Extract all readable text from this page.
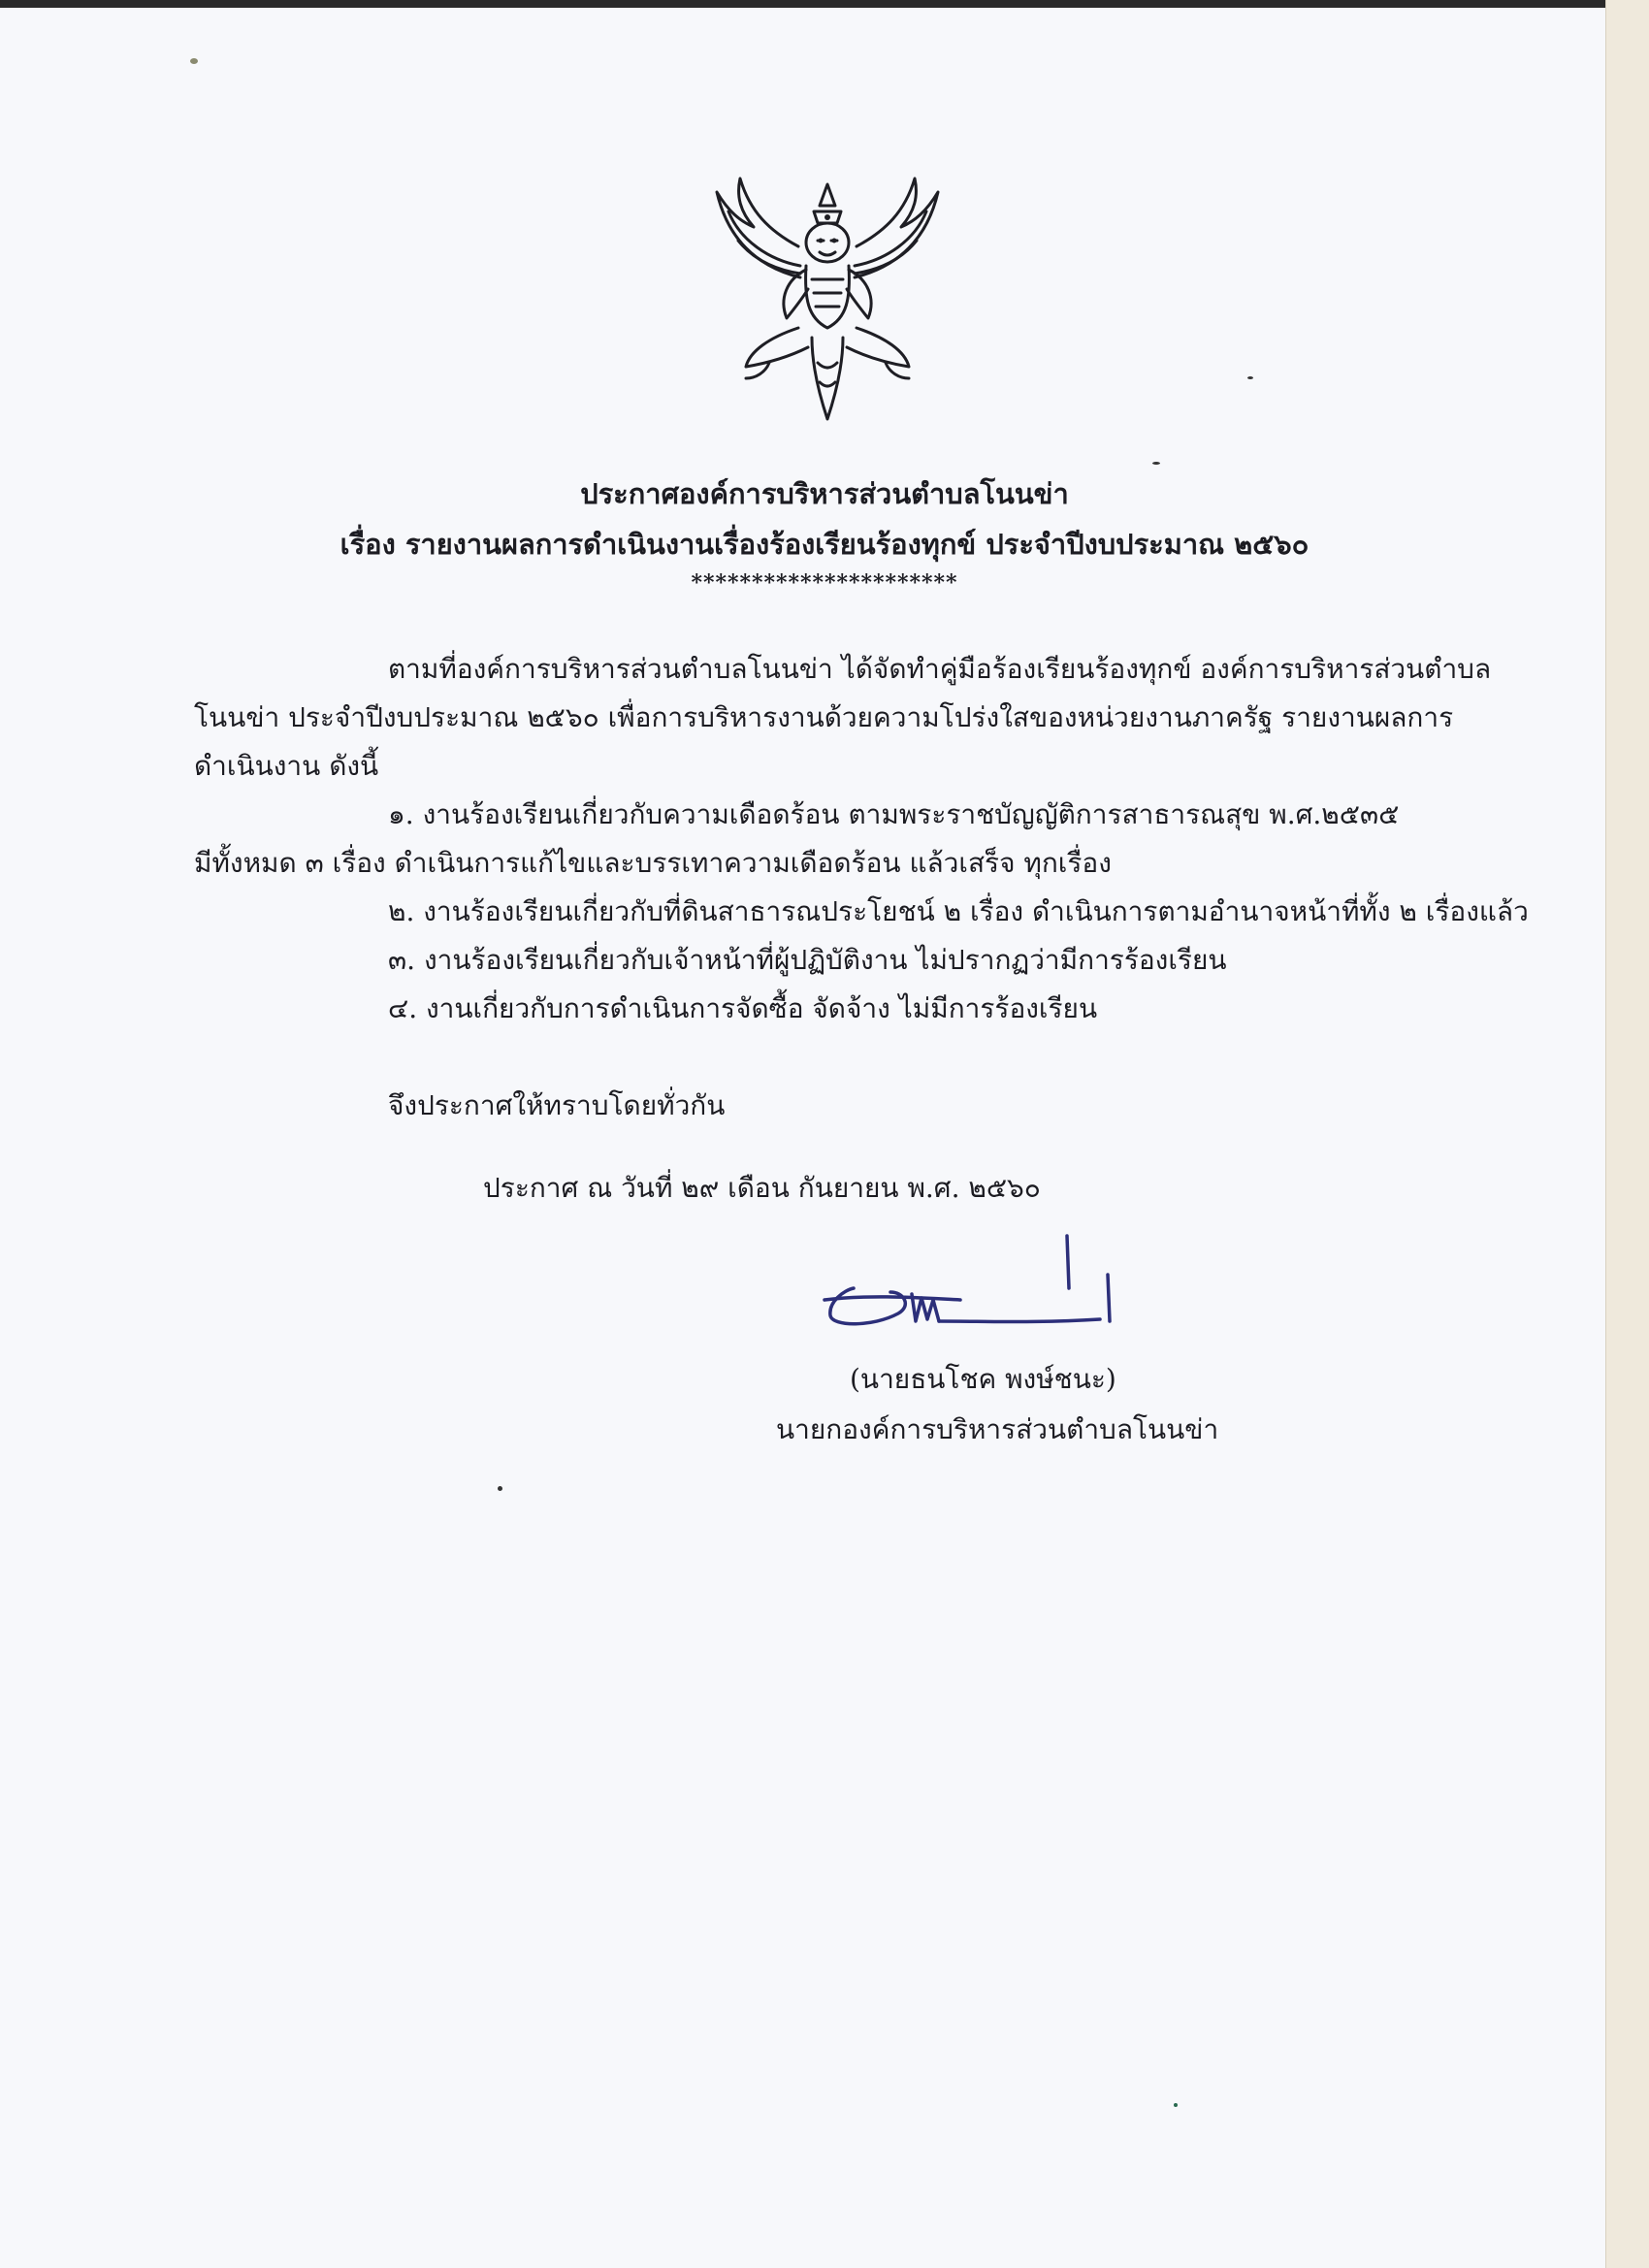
ประกาศองค์การบริหารส่วนตำบลโนนข่า
เรื่อง รายงานผลการดำเนินงานเรื่องร้องเรียนร้องทุกข์ ประจำปีงบประมาณ ๒๕๖๐
**********************
ตามที่องค์การบริหารส่วนตำบลโนนข่า ได้จัดทำคู่มือร้องเรียนร้องทุกข์ องค์การบริหารส่วนตำบล
โนนข่า ประจำปีงบประมาณ ๒๕๖๐ เพื่อการบริหารงานด้วยความโปร่งใสของหน่วยงานภาครัฐ รายงานผลการ
ดำเนินงาน ดังนี้
๑. งานร้องเรียนเกี่ยวกับความเดือดร้อน ตามพระราชบัญญัติการสาธารณสุข พ.ศ.๒๕๓๕
มีทั้งหมด ๓ เรื่อง ดำเนินการแก้ไขและบรรเทาความเดือดร้อน แล้วเสร็จ ทุกเรื่อง
๒. งานร้องเรียนเกี่ยวกับที่ดินสาธารณประโยชน์ ๒ เรื่อง ดำเนินการตามอำนาจหน้าที่ทั้ง ๒ เรื่องแล้ว
๓. งานร้องเรียนเกี่ยวกับเจ้าหน้าที่ผู้ปฏิบัติงาน ไม่ปรากฏว่ามีการร้องเรียน
๔. งานเกี่ยวกับการดำเนินการจัดซื้อ จัดจ้าง ไม่มีการร้องเรียน
จึงประกาศให้ทราบโดยทั่วกัน
ประกาศ ณ วันที่ ๒๙ เดือน กันยายน พ.ศ. ๒๕๖๐
(นายธนโชค พงษ์ชนะ)
นายกองค์การบริหารส่วนตำบลโนนข่า
